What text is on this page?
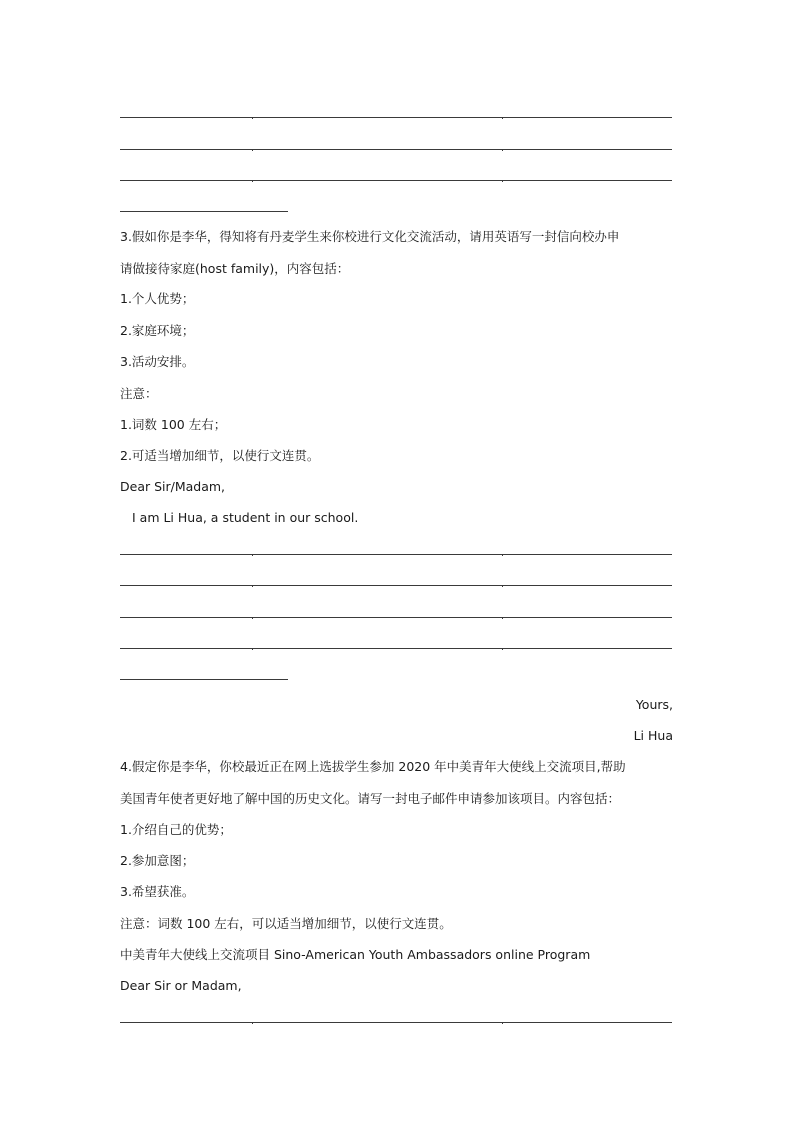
3.假如你是李华，得知将有丹麦学生来你校进行文化交流活动，请用英语写一封信向校办申
请做接待家庭(host family)，内容包括：
1.个人优势；
2.家庭环境；
3.活动安排。
注意：
1.词数 100 左右；
2.可适当增加细节，以使行文连贯。
Dear Sir/Madam,
I am Li Hua, a student in our school.
Yours,
Li Hua
4.假定你是李华，你校最近正在网上选拔学生参加 2020 年中美青年大使线上交流项目,帮助
美国青年使者更好地了解中国的历史文化。请写一封电子邮件申请参加该项目。内容包括：
1.介绍自己的优势；
2.参加意图；
3.希望获准。
注意：词数 100 左右，可以适当增加细节，以使行文连贯。
中美青年大使线上交流项目 Sino-American Youth Ambassadors online Program
Dear Sir or Madam,
